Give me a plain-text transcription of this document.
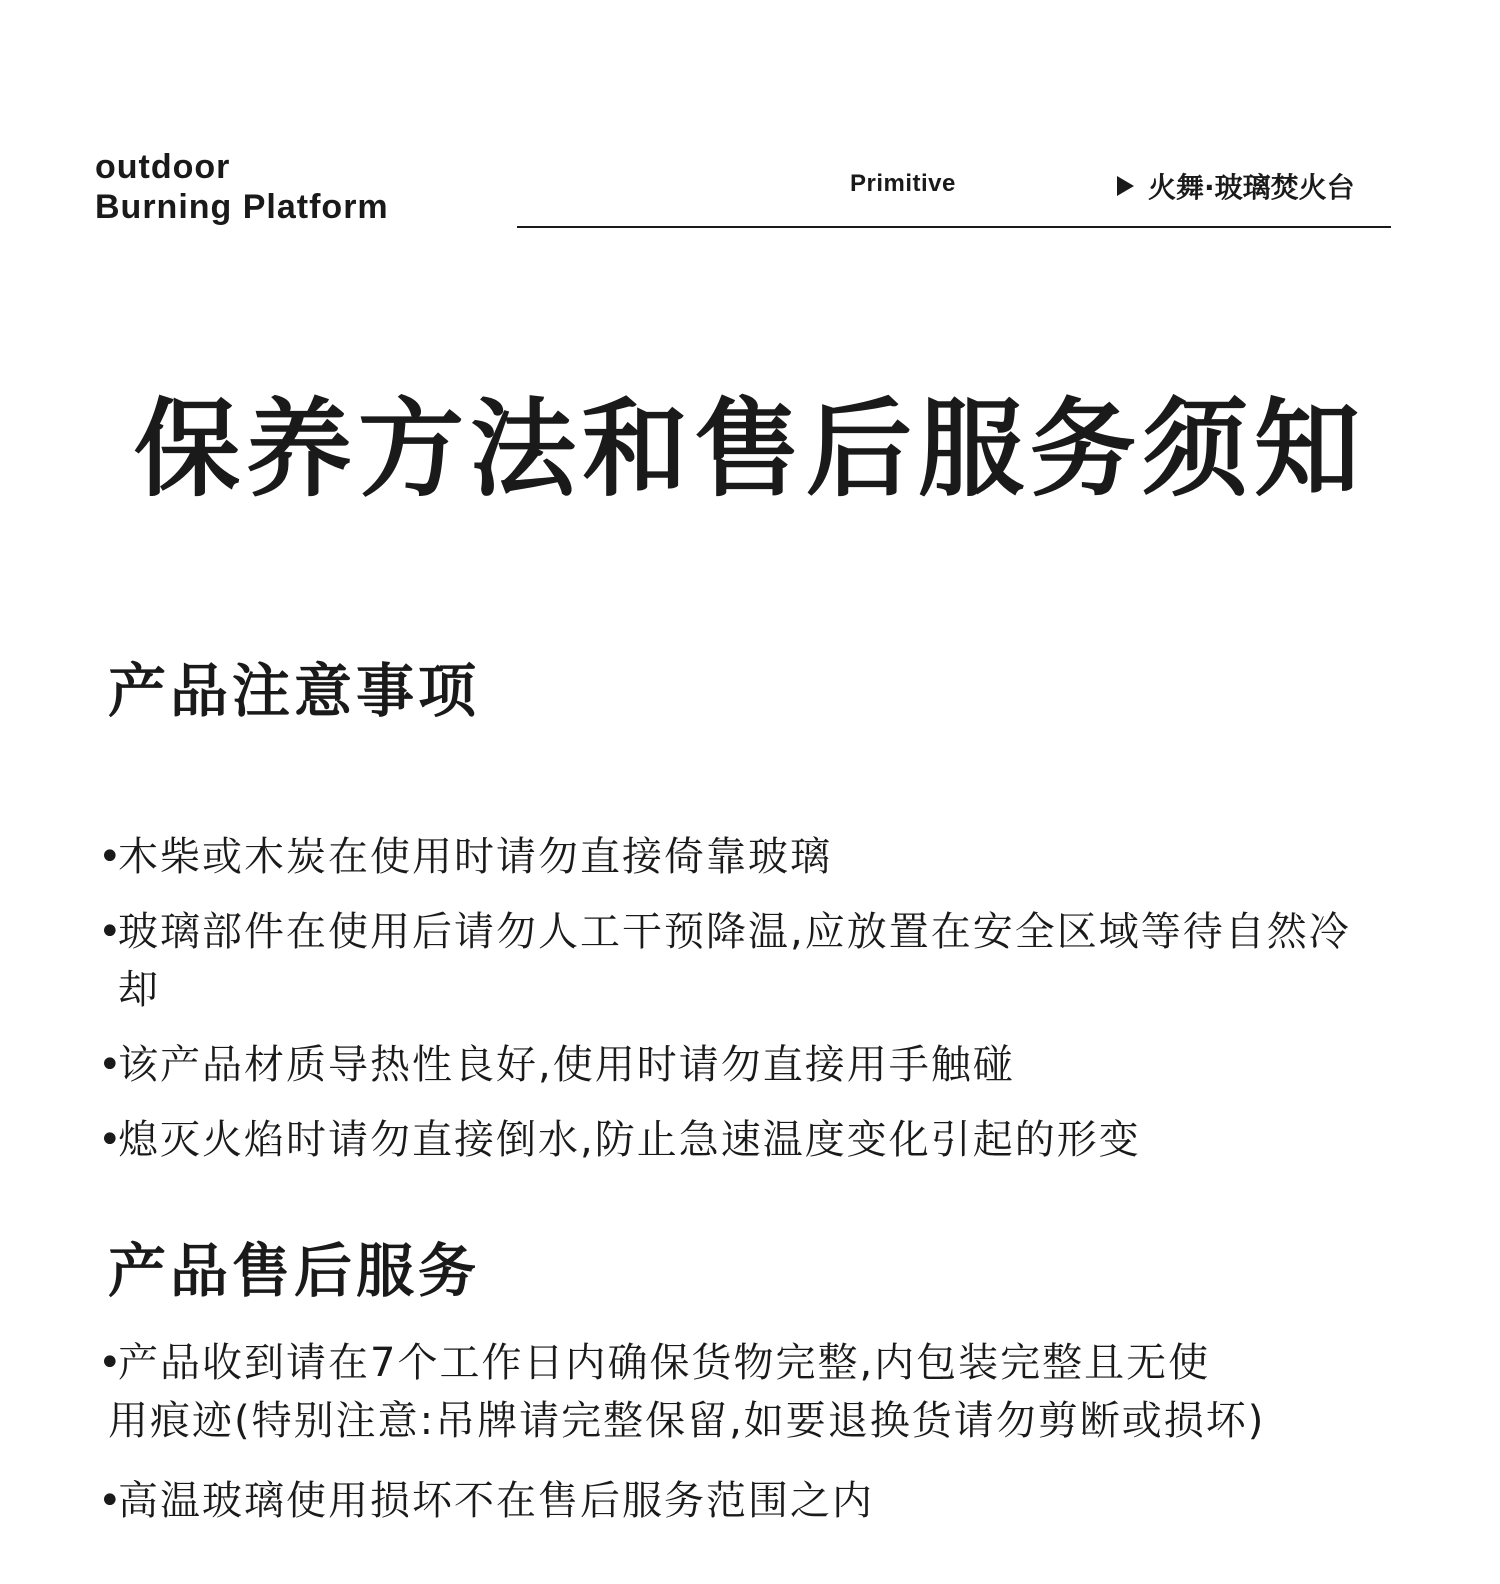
outdoor
Burning Platform
Primitive	火舞·玻璃焚火台
保养方法和售后服务须知
产品注意事项
•
木柴或木炭在使用时请勿直接倚靠玻璃
•
玻璃部件在使用后请勿人工干预降温,应放置在安全区域等待自然冷却
•
该产品材质导热性良好,使用时请勿直接用手触碰
•
熄灭火焰时请勿直接倒水,防止急速温度变化引起的形变
产品售后服务
•
产品收到请在7个工作日内确保货物完整,内包装完整且无使
用痕迹(特别注意:吊牌请完整保留,如要退换货请勿剪断或损坏)
•
高温玻璃使用损坏不在售后服务范围之内
